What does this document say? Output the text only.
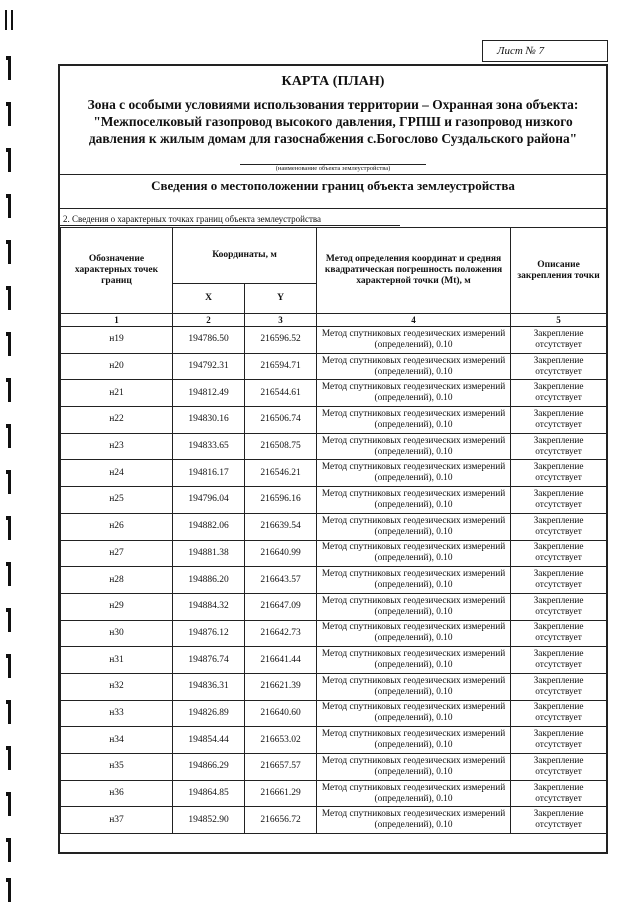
Лист № 7
КАРТА (ПЛАН)
Зона с особыми условиями использования территории – Охранная зона объекта: "Межпоселковый газопровод высокого давления, ГРПШ и газопровод низкого давления к жилым домам для газоснабжения с.Богослово Суздальского района"
(наименование объекта землеустройства)
Сведения о местоположении границ объекта землеустройства
2. Сведения о характерных точках границ объекта землеустройства
Обозначение характерных точек границ	Координаты, м		Метод определения координат и средняя квадратическая погрешность положения характерной точки (Mt), м	Описание закрепления точки
	X	Y		
1	2	3	4	5
н19	194786.50	216596.52	Метод спутниковых геодезических измерений (определений), 0.10	Закрепление отсутствует
н20	194792.31	216594.71	Метод спутниковых геодезических измерений (определений), 0.10	Закрепление отсутствует
н21	194812.49	216544.61	Метод спутниковых геодезических измерений (определений), 0.10	Закрепление отсутствует
н22	194830.16	216506.74	Метод спутниковых геодезических измерений (определений), 0.10	Закрепление отсутствует
н23	194833.65	216508.75	Метод спутниковых геодезических измерений (определений), 0.10	Закрепление отсутствует
н24	194816.17	216546.21	Метод спутниковых геодезических измерений (определений), 0.10	Закрепление отсутствует
н25	194796.04	216596.16	Метод спутниковых геодезических измерений (определений), 0.10	Закрепление отсутствует
н26	194882.06	216639.54	Метод спутниковых геодезических измерений (определений), 0.10	Закрепление отсутствует
н27	194881.38	216640.99	Метод спутниковых геодезических измерений (определений), 0.10	Закрепление отсутствует
н28	194886.20	216643.57	Метод спутниковых геодезических измерений (определений), 0.10	Закрепление отсутствует
н29	194884.32	216647.09	Метод спутниковых геодезических измерений (определений), 0.10	Закрепление отсутствует
н30	194876.12	216642.73	Метод спутниковых геодезических измерений (определений), 0.10	Закрепление отсутствует
н31	194876.74	216641.44	Метод спутниковых геодезических измерений (определений), 0.10	Закрепление отсутствует
н32	194836.31	216621.39	Метод спутниковых геодезических измерений (определений), 0.10	Закрепление отсутствует
н33	194826.89	216640.60	Метод спутниковых геодезических измерений (определений), 0.10	Закрепление отсутствует
н34	194854.44	216653.02	Метод спутниковых геодезических измерений (определений), 0.10	Закрепление отсутствует
н35	194866.29	216657.57	Метод спутниковых геодезических измерений (определений), 0.10	Закрепление отсутствует
н36	194864.85	216661.29	Метод спутниковых геодезических измерений (определений), 0.10	Закрепление отсутствует
н37	194852.90	216656.72	Метод спутниковых геодезических измерений (определений), 0.10	Закрепление отсутствует
